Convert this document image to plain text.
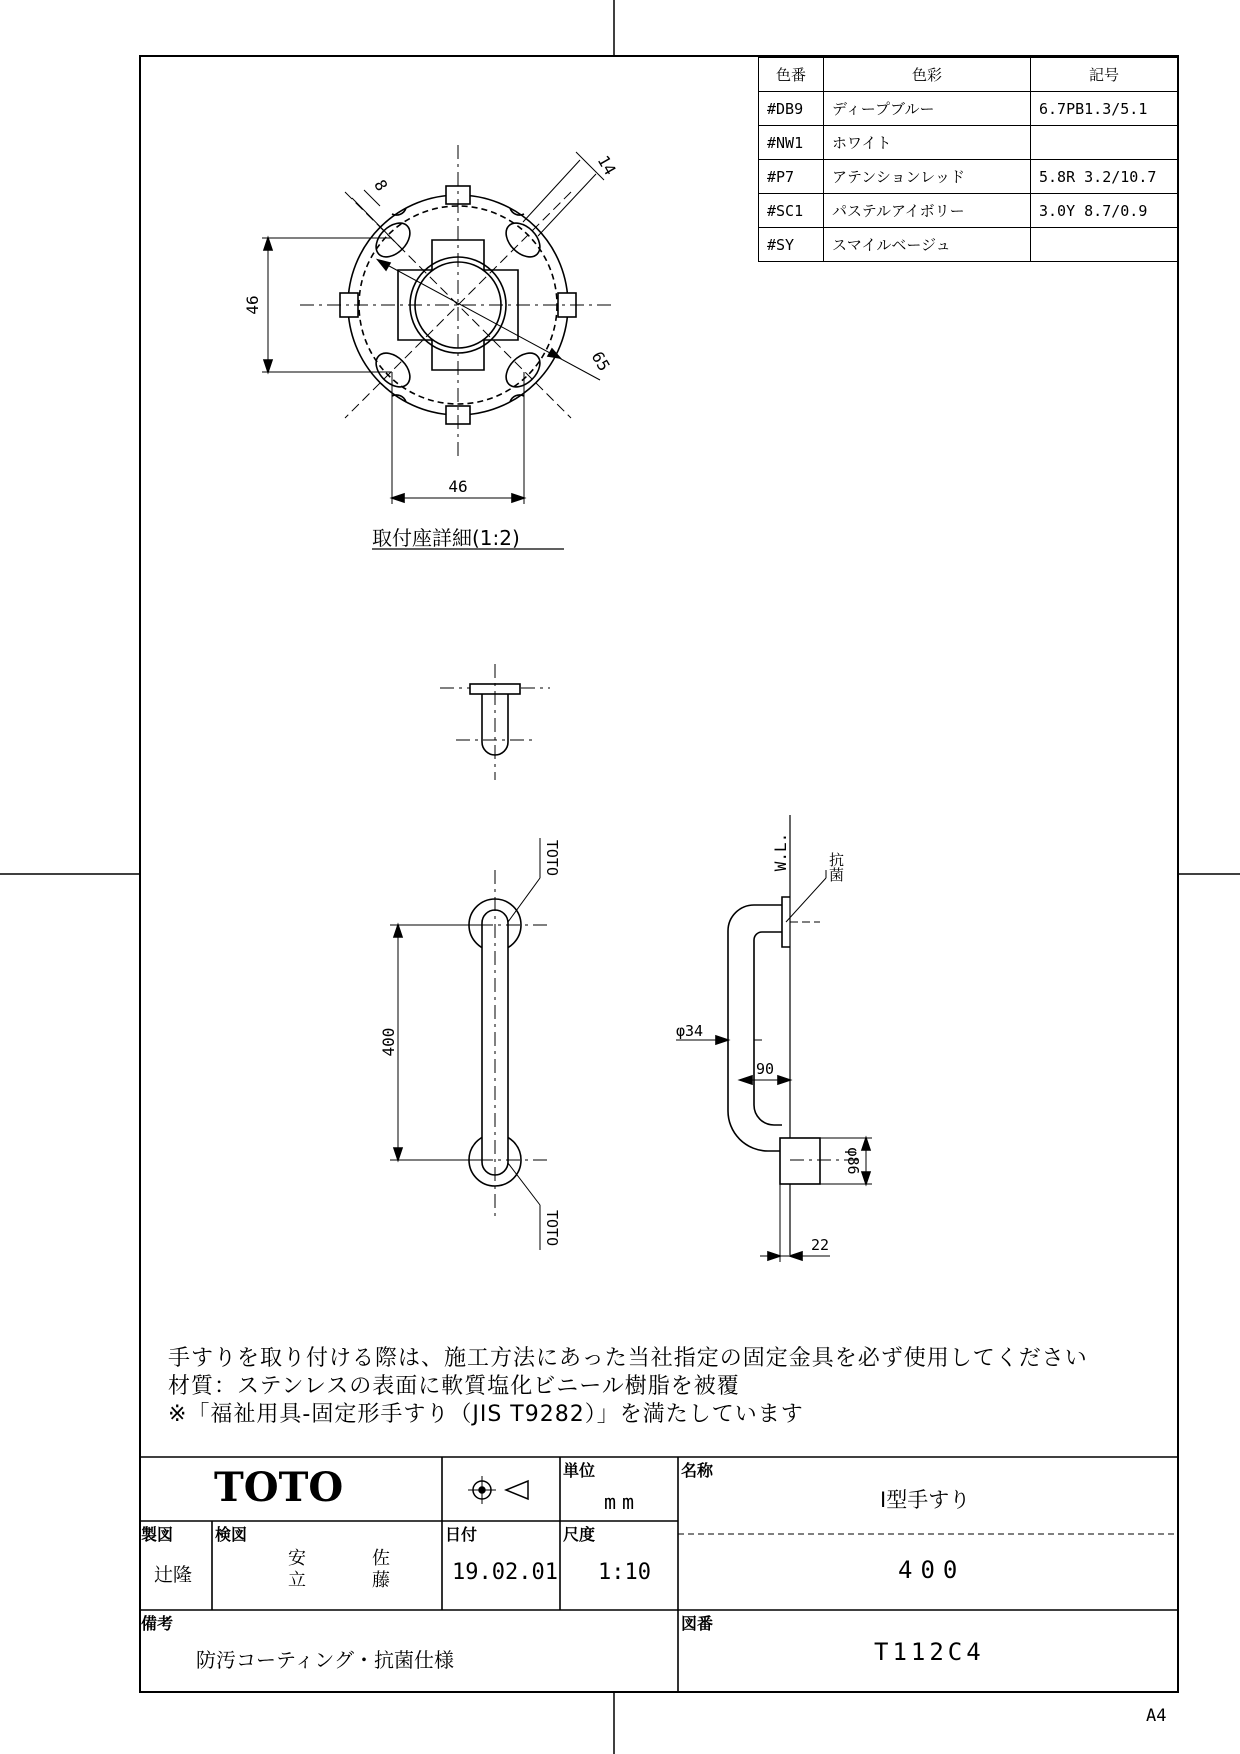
46
46
8
14
65
400
TOTO
TOTO
W.L.
φ34
90
φ86
22
色番	色彩	記号
#DB9	ディープブルー	6.7PB1.3/5.1
#NW1	ホワイト	
#P7	アテンションレッド	5.8R 3.2/10.7
#SC1	パステルアイボリー	3.0Y 8.7/0.9
#SY	スマイルベージュ	
取付座詳細(1:2)
抗菌
手すりを取り付ける際は、施工方法にあった当社指定の固定金具を必ず使用してください
材質：ステンレスの表面に軟質塩化ビニール樹脂を被覆
※「福祉用具-固定形手すり（JIS T9282）」を満たしています
TOTO	単位
mm
名称
I型手すり
400
製図
辻隆
検図
安立
佐藤
日付
19.02.01
尺度
1:10
備考
防汚コーティング・抗菌仕様
図番
T112C4
A4
